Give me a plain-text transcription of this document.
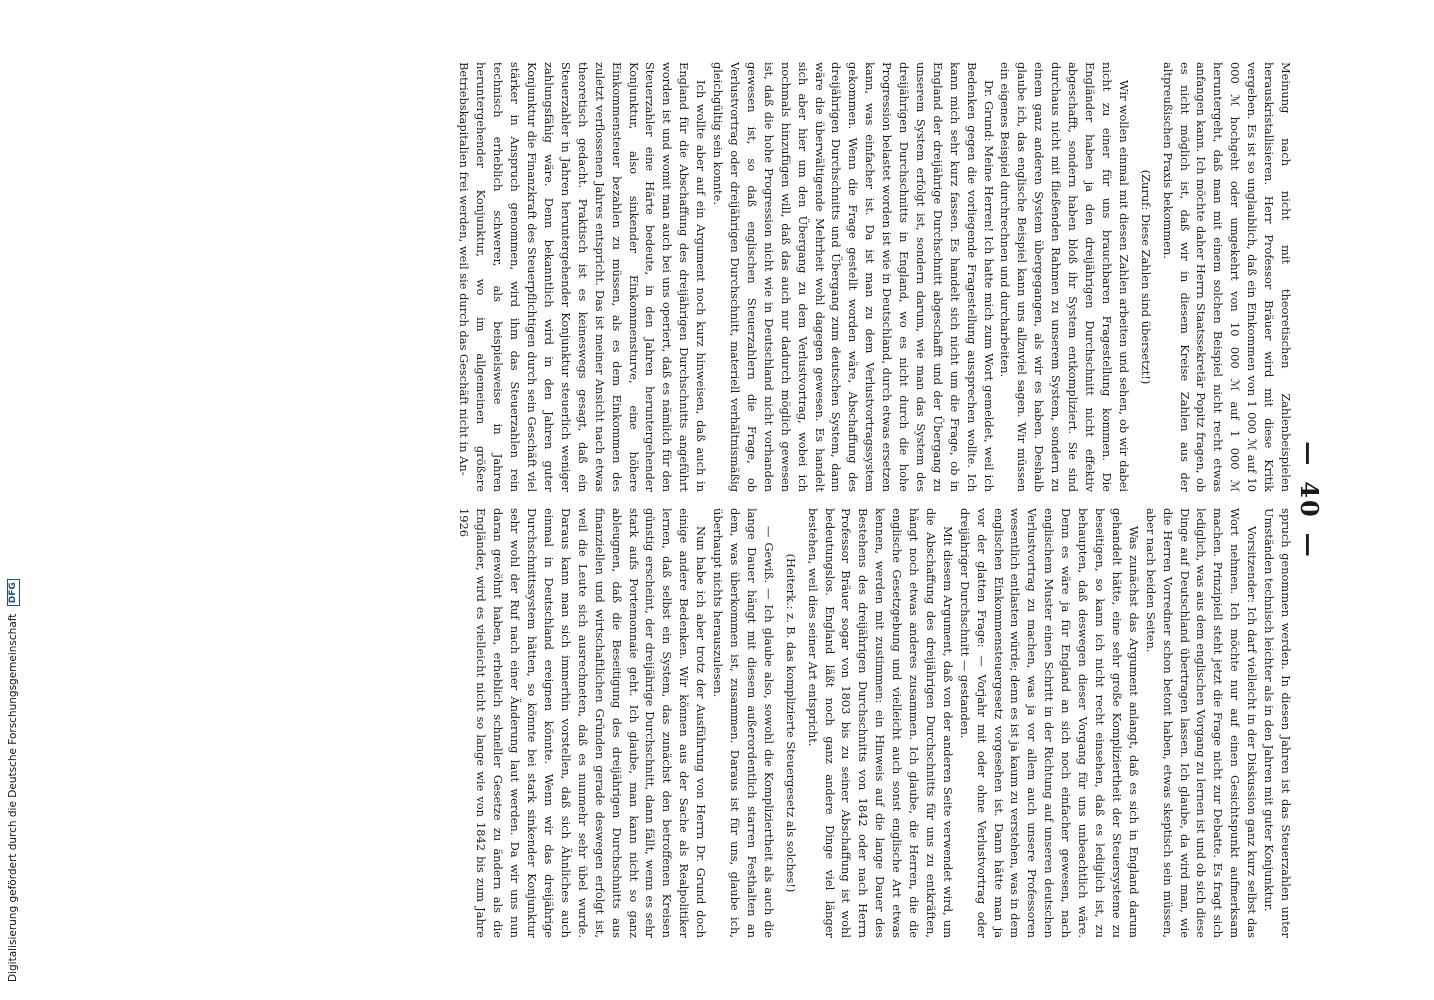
—40—

Meinung nach nicht mit theoretischen Zahlenbeispielen herauskristallisieren. Herr Professor Bräuer wird mit diese Kritik vergeben. Es ist so unglaublich, daß ein Einkommen von 1 000 ℳ auf 10 000 ℳ hochgeht oder umgekehrt von 10 000 ℳ auf 1 000 ℳ heruntergeht, daß man mit einem solchen Beispiel nicht recht etwas anfangen kann. Ich möchte daher Herrn Staatssekretär Popitz fragen, ob es nicht möglich ist, daß wir in diesem Kreise Zahlen aus der altpreußischen Praxis bekommen.

(Zuruf: Diese Zahlen sind übersetzt!)

Wir wollen einmal mit diesen Zahlen arbeiten und sehen, ob wir dabei nicht zu einer für uns brauchbaren Fragestellung kommen. Die Engländer haben ja den dreijährigen Durchschnitt nicht effektiv abgeschafft, sondern haben bloß ihr System entkompliziert. Sie sind durchaus nicht mit fließenden Rahmen zu unserem System, sondern zu einem ganz anderen System übergegangen, als wir es haben. Deshalb glaube ich, das englische Beispiel kann uns allzuviel sagen. Wir müssen ein eigenes Beispiel durchrechnen und durcharbeiten.

Dr. Grund: Meine Herren! Ich hatte mich zum Wort gemeldet, weil ich Bedenken gegen die vorliegende Fragestellung aussprechen wollte. Ich kann mich sehr kurz fassen. Es handelt sich nicht um die Frage, ob in England der dreijährige Durchschnitt abgeschafft und der Übergang zu unserem System erfolgt ist, sondern darum, wie man das System des dreijährigen Durchschnitts in England, wo es nicht durch die hohe Progression belastet worden ist wie in Deutschland, durch etwas ersetzen kann, was einfacher ist. Da ist man zu dem Verlustvortragssystem gekommen. Wenn die Frage gestellt worden wäre, Abschaffung des dreijährigen Durchschnitts und Übergang zum deutschen System, dann wäre die überwältigende Mehrheit wohl dagegen gewesen. Es handelt sich aber hier um den Übergang zu dem Verlustvortrag, wobei ich nochmals hinzufügen will, daß das auch nur dadurch möglich gewesen ist, daß die hohe Progression nicht wie in Deutschland nicht vorhanden gewesen ist, so daß englischen Steuerzahlern die Frage, ob Verlustvortrag oder dreijährigen Durchschnitt, materiell verhältnismäßig gleichgültig sein konnte.

Ich wollte aber auf ein Argument noch kurz hinweisen, daß auch in England für die Abschaffung des dreijährigen Durchschnitts angeführt worden ist und womit man auch bei uns operiert, daß es nämlich für den Steuerzahler eine Härte bedeute, in den Jahren heruntergehender Konjunktur, also sinkender Einkommensturve, eine höhere Einkommensteuer bezahlen zu müssen, als es dem Einkommen des zuletzt verflossenen Jahres entspricht. Das ist meiner Ansicht nach etwas theoretisch gedacht. Praktisch ist es keineswegs gesagt, daß ein Steuerzahler in Jahren heruntergehender Konjunktur steuerlich weniger zahlungsfähig wäre. Denn bekanntlich wird in den Jahren guter Konjunktur die Finanzkraft des Steuerpflichtigen durch sein Geschäft viel stärker in Anspruch genommen, wird ihm das Steuerzahlen rein technisch erheblich schwerer, als beispielsweise in Jahren heruntergehender Konjunktur, wo im allgemeinen größere Betriebskapitalien frei werden, weil sie durch das Geschäft nicht in An-

spruch genommen werden. In diesen Jahren ist das Steuerzahlen unter Umständen technisch leichter als in den Jahren mit guter Konjunktur.

Vorsitzender: Ich darf vielleicht in der Diskussion ganz kurz selbst das Wort nehmen. Ich möchte nur auf einen Gesichtspunkt aufmerksam machen. Prinzipiell steht jetzt die Frage nicht zur Debatte. Es fragt sich lediglich, was aus dem englischen Vorgang zu lernen ist und ob sich diese Dinge auf Deutschland übertragen lassen. Ich glaube, da wird man, wie die Herren Vorredner schon betont haben, etwas skeptisch sein müssen, aber nach beiden Seiten.

Was zunächst das Argument anlangt, daß es sich in England darum gehandelt hätte, eine sehr große Kompliziertheit der Steuersysteme zu beseitigen, so kann ich nicht recht einsehen, daß es lediglich ist, zu behaupten, daß deswegen dieser Vorgang für uns unbeachtlich wäre. Denn es wäre ja für England an sich noch einfacher gewesen, nach englischem Muster einen Schritt in der Richtung auf unseren deutschen Verlustvortrag zu machen, was ja vor allem auch unsere Professoren wesentlich entlasten würde; denn es ist ja kaum zu verstehen, was in dem englischen Einkommensteuergesetz vorgesehen ist. Dann hätte man ja vor der glatten Frage: — Vorjahr mit oder ohne Verlustvortrag oder dreijähriger Durchschnitt — gestanden.

Mit diesem Argument, daß von der anderen Seite verwendet wird, um die Abschaffung des dreijährigen Durchschnitts für uns zu entkräften, hängt noch etwas anderes zusammen. Ich glaube, die Herren, die die englische Gesetzgebung und vielleicht auch sonst englische Art etwas kennen, werden mit zustimmen: ein Hinweis auf die lange Dauer des Bestehens des dreijährigen Durchschnitts von 1842 oder nach Herrn Professor Bräuer sogar von 1803 bis zu seiner Abschaffung ist wohl bedeutungslos. England läßt noch ganz andere Dinge viel länger bestehen, weil dies seiner Art entspricht.

(Heiterk.: z. B. das komplizierte Steuergesetz als solches!)

— Gewiß. — Ich glaube also, sowohl die Kompliziertheit als auch die lange Dauer hängt mit diesem außerordentlich starren Festhalten an dem, was überkommen ist, zusammen. Daraus ist für uns, glaube ich, überhaupt nichts herauszulesen.

Nun habe ich aber trotz der Ausführung von Herrn Dr. Grund doch einige andere Bedenken. Wir können aus der Sache als Realpolitiker lernen, daß selbst ein System, das zunächst den betroffenen Kreisen günstig erscheint, der dreijährige Durchschnitt, dann fällt, wenn es sehr stark aufs Portemonnaie geht. Ich glaube, man kann nicht so ganz ableugnen, daß die Beseitigung des dreijährigen Durchschnitts aus finanziellen und wirtschaftlichen Gründen gerade deswegen erfolgt ist, weil die Leute sich ausrechneten, daß es nunmehr sehr übel wurde. Daraus kann man sich immerhin vorstellen, daß sich Ähnliches auch einmal in Deutschland ereignen könnte. Wenn wir das dreijährige Durchschnittssystem hätten, so könnte bei stark sinkender Konjunktur sehr wohl der Ruf nach einer Änderung laut werden. Da wir uns nun daran gewöhnt haben, erheblich schneller Gesetze zu ändern als die Engländer, wird es vielleicht nicht so lange wie von 1842 bis zum Jahre 1926

Digitalisierung gefördert durch die Deutsche Forschungsgemeinschaft DFG
